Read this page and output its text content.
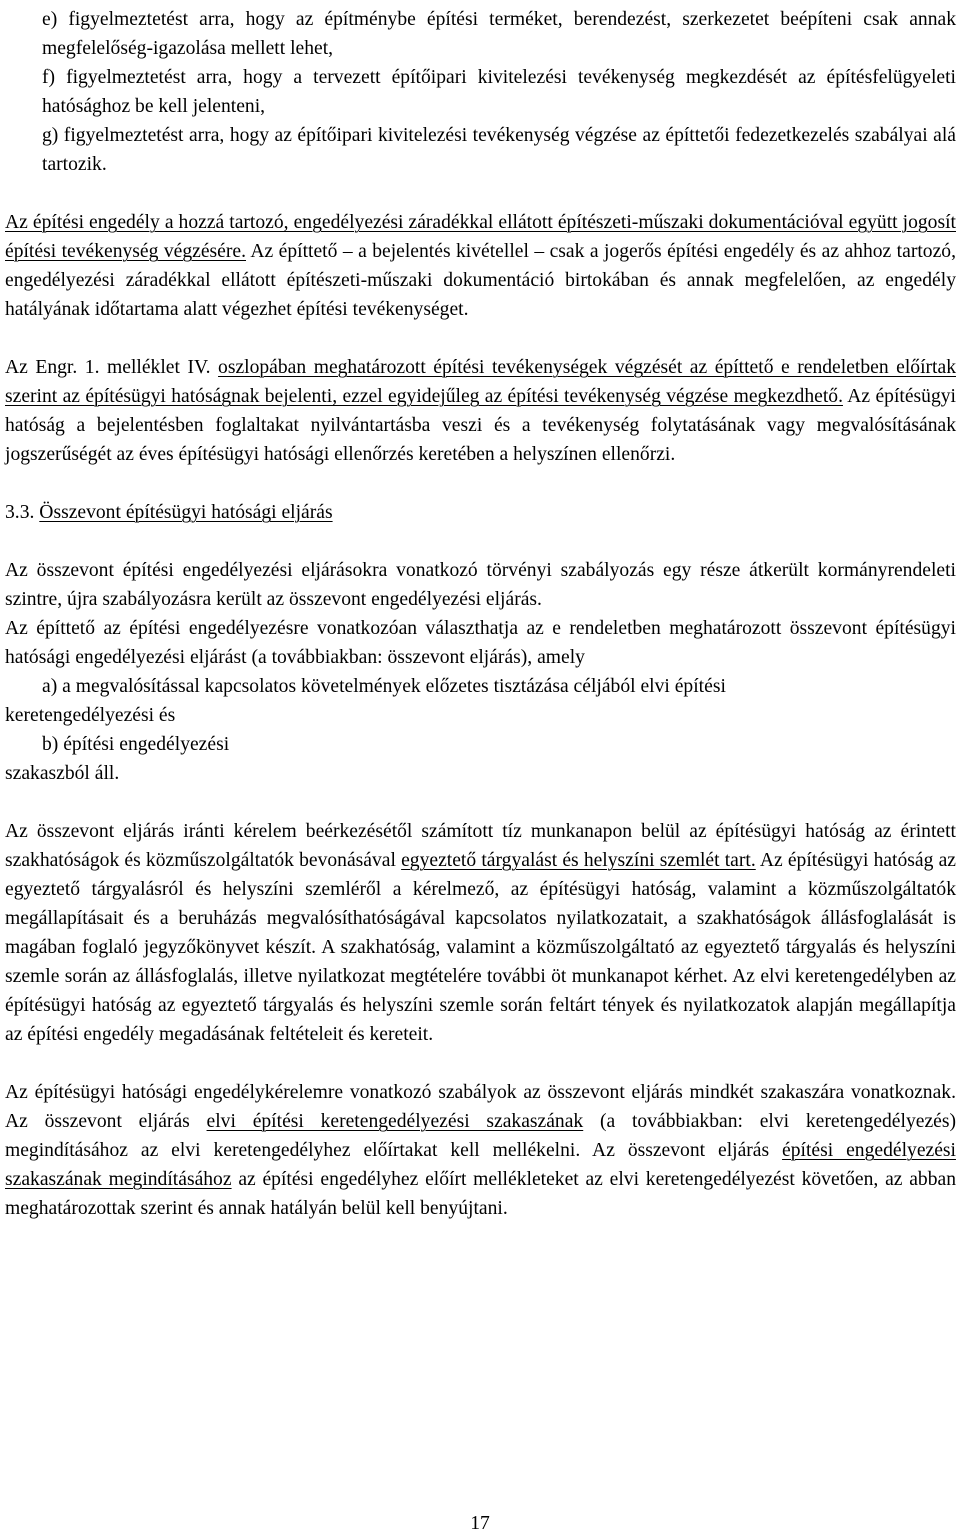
e) figyelmeztetést arra, hogy az építménybe építési terméket, berendezést, szerkezetet beépíteni csak annak megfelelőség-igazolása mellett lehet,

f) figyelmeztetést arra, hogy a tervezett építőipari kivitelezési tevékenység megkezdését az építésfelügyeleti hatósághoz be kell jelenteni,

g) figyelmeztetést arra, hogy az építőipari kivitelezési tevékenység végzése az építtetői fedezetkezelés szabályai alá tartozik.

Az építési engedély a hozzá tartozó, engedélyezési záradékkal ellátott építészeti-műszaki dokumentációval együtt jogosít építési tevékenység végzésére. Az építtető – a bejelentés kivétellel – csak a jogerős építési engedély és az ahhoz tartozó, engedélyezési záradékkal ellátott építészeti-műszaki dokumentáció birtokában és annak megfelelően, az engedély hatályának időtartama alatt végezhet építési tevékenységet.

Az Engr. 1. melléklet IV. oszlopában meghatározott építési tevékenységek végzését az építtető e rendeletben előírtak szerint az építésügyi hatóságnak bejelenti, ezzel egyidejűleg az építési tevékenység végzése megkezdhető. Az építésügyi hatóság a bejelentésben foglaltakat nyilvántartásba veszi és a tevékenység folytatásának vagy megvalósításának jogszerűségét az éves építésügyi hatósági ellenőrzés keretében a helyszínen ellenőrzi.

3.3. Összevont építésügyi hatósági eljárás

Az összevont építési engedélyezési eljárásokra vonatkozó törvényi szabályozás egy része átkerült kormányrendeleti szintre, újra szabályozásra került az összevont engedélyezési eljárás.

Az építtető az építési engedélyezésre vonatkozóan választhatja az e rendeletben meghatározott összevont építésügyi hatósági engedélyezési eljárást (a továbbiakban: összevont eljárás), amely

a) a megvalósítással kapcsolatos követelmények előzetes tisztázása céljából elvi építési

keretengedélyezési és

b) építési engedélyezési

szakaszból áll.

Az összevont eljárás iránti kérelem beérkezésétől számított tíz munkanapon belül az építésügyi hatóság az érintett szakhatóságok és közműszolgáltatók bevonásával egyeztető tárgyalást és helyszíni szemlét tart. Az építésügyi hatóság az egyeztető tárgyalásról és helyszíni szemléről a kérelmező, az építésügyi hatóság, valamint a közműszolgáltatók megállapításait és a beruházás megvalósíthatóságával kapcsolatos nyilatkozatait, a szakhatóságok állásfoglalását is magában foglaló jegyzőkönyvet készít. A szakhatóság, valamint a közműszolgáltató az egyeztető tárgyalás és helyszíni szemle során az állásfoglalás, illetve nyilatkozat megtételére további öt munkanapot kérhet. Az elvi keretengedélyben az építésügyi hatóság az egyeztető tárgyalás és helyszíni szemle során feltárt tények és nyilatkozatok alapján megállapítja az építési engedély megadásának feltételeit és kereteit.

Az építésügyi hatósági engedélykérelemre vonatkozó szabályok az összevont eljárás mindkét szakaszára vonatkoznak. Az összevont eljárás elvi építési keretengedélyezési szakaszának (a továbbiakban: elvi keretengedélyezés) megindításához az elvi keretengedélyhez előírtakat kell mellékelni. Az összevont eljárás építési engedélyezési szakaszának megindításához az építési engedélyhez előírt mellékleteket az elvi keretengedélyezést követően, az abban meghatározottak szerint és annak hatályán belül kell benyújtani.

17
